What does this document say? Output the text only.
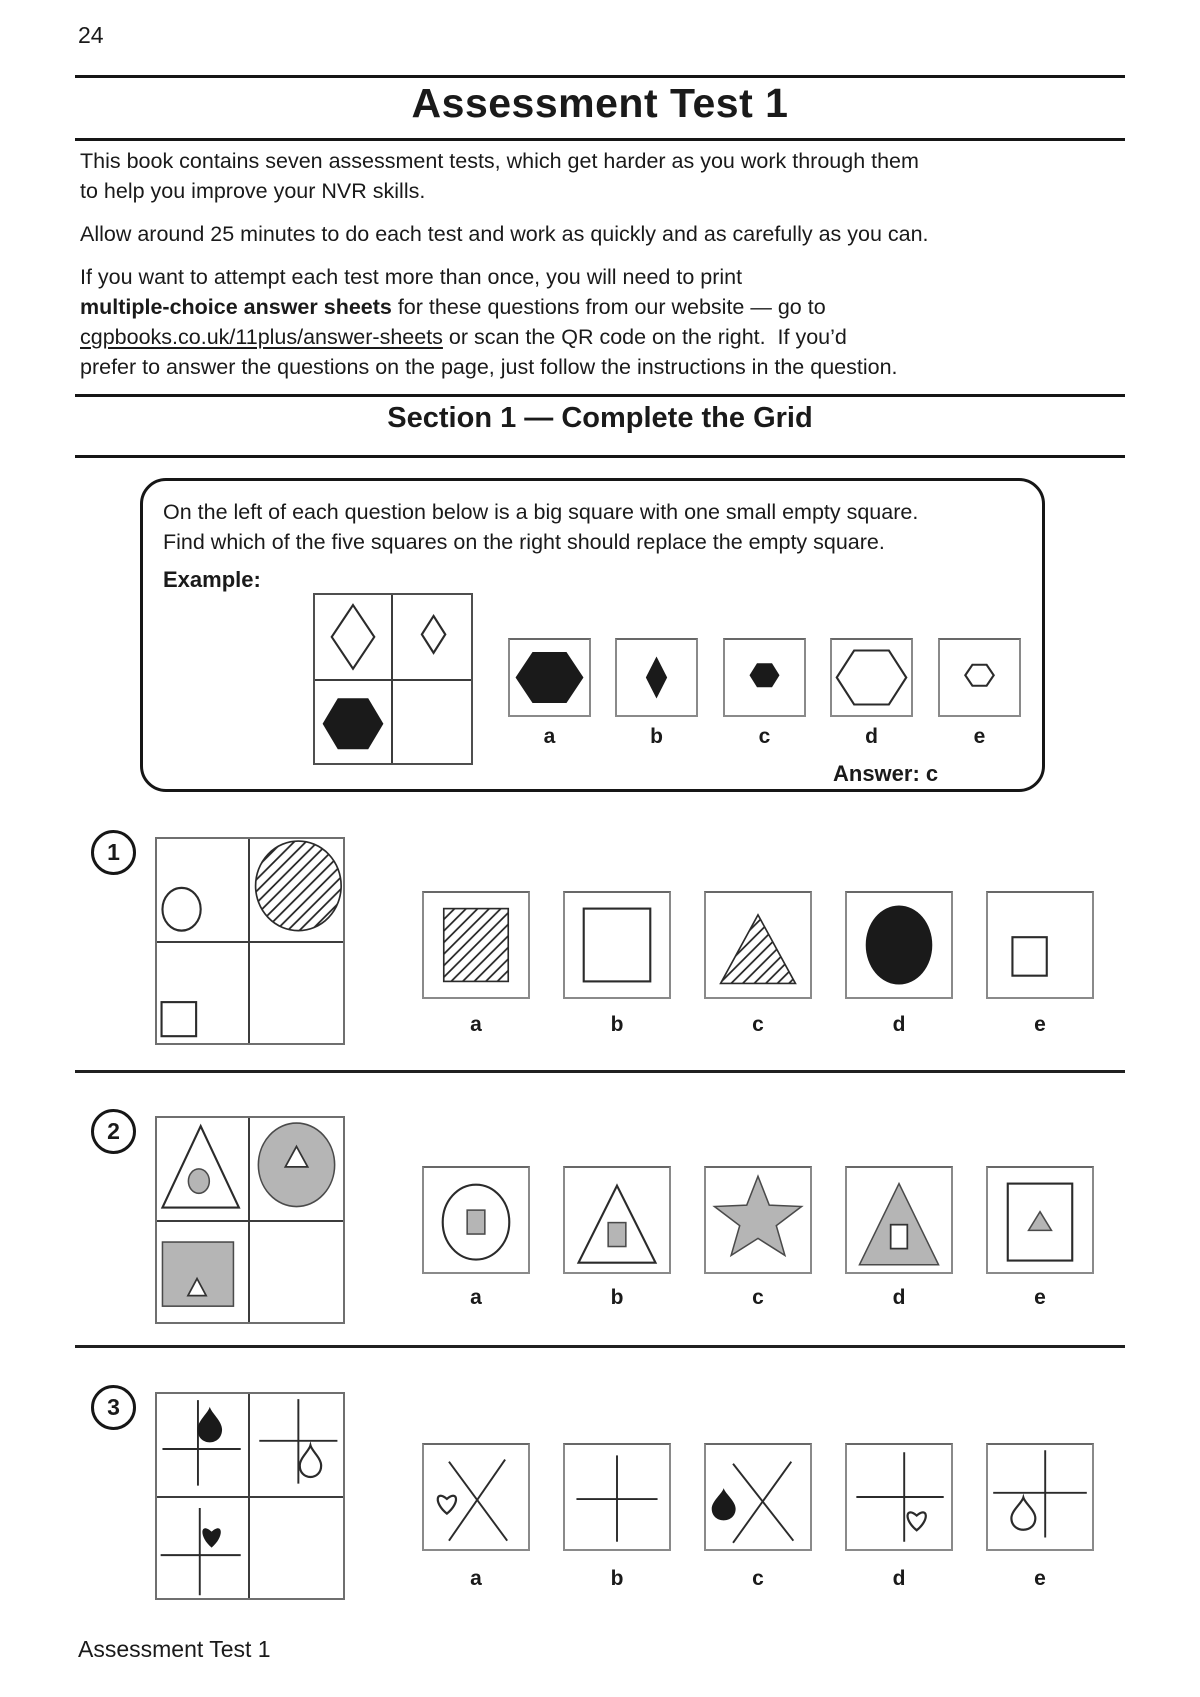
24
Assessment Test 1
This book contains seven assessment tests, which get harder as you work through them
to help you improve your NVR skills.
Allow around 25 minutes to do each test and work as quickly and as carefully as you can.
If you want to attempt each test more than once, you will need to print
multiple-choice answer sheets for these questions from our website — go to
cgpbooks.co.uk/11plus/answer-sheets or scan the QR code on the right.  If you’d
prefer to answer the questions on the page, just follow the instructions in the question.
Section 1 — Complete the Grid
On the left of each question below is a big square with one small empty square.
Find which of the five squares on the right should replace the empty square.
Example:
a	b	c	d	e
Answer: c
1
a	b	c	d	e
2
a	b	c	d	e
3
a	b	c	d	e
Assessment Test 1
